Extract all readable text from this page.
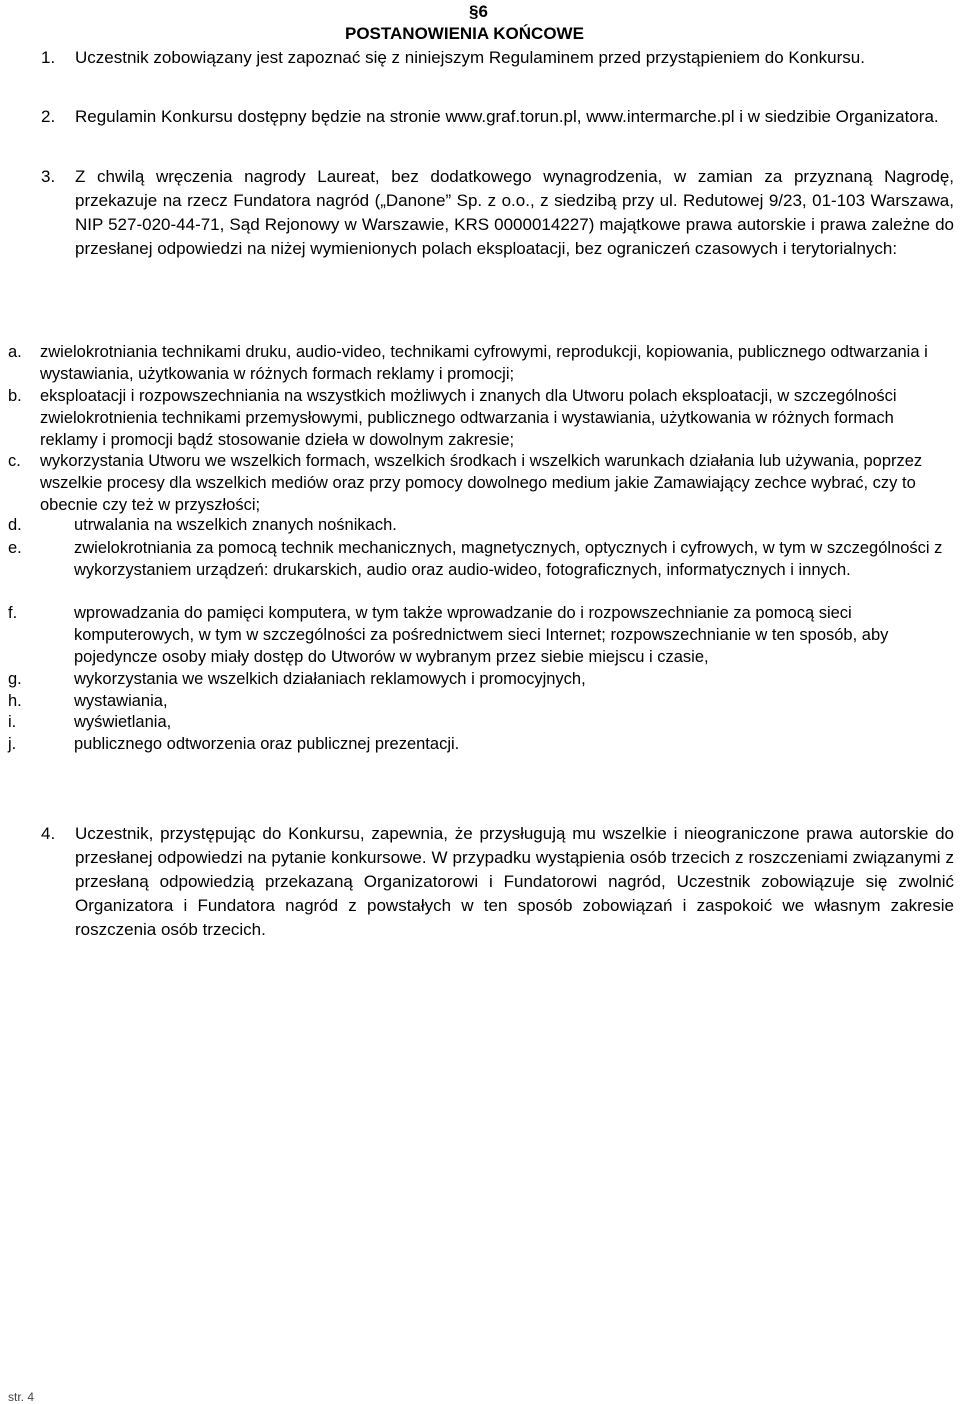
§6
POSTANOWIENIA KOŃCOWE
1. Uczestnik zobowiązany jest zapoznać się z niniejszym Regulaminem przed przystąpieniem do Konkursu.
2. Regulamin Konkursu dostępny będzie na stronie www.graf.torun.pl, www.intermarche.pl i w siedzibie Organizatora.
3. Z chwilą wręczenia nagrody Laureat, bez dodatkowego wynagrodzenia, w zamian za przyznaną Nagrodę, przekazuje na rzecz Fundatora nagród („Danone” Sp. z o.o., z siedzibą przy ul. Redutowej 9/23, 01-103 Warszawa, NIP 527-020-44-71, Sąd Rejonowy w Warszawie, KRS 0000014227) majątkowe prawa autorskie i prawa zależne do przesłanej odpowiedzi na niżej wymienionych polach eksploatacji, bez ograniczeń czasowych i terytorialnych:
a. zwielokrotniania technikami druku, audio-video, technikami cyfrowymi, reprodukcji, kopiowania, publicznego odtwarzania i wystawiania, użytkowania w różnych formach reklamy i promocji;
b. eksploatacji i rozpowszechniania na wszystkich możliwych i znanych dla Utworu polach eksploatacji, w szczególności zwielokrotnienia technikami przemysłowymi, publicznego odtwarzania i wystawiania, użytkowania w różnych formach reklamy i promocji bądź stosowanie dzieła w dowolnym zakresie;
c. wykorzystania Utworu we wszelkich formach, wszelkich środkach i wszelkich warunkach działania lub używania, poprzez wszelkie procesy dla wszelkich mediów oraz przy pomocy dowolnego medium jakie Zamawiający zechce wybrać, czy to obecnie czy też w przyszłości;
d.	utrwalania na wszelkich znanych nośnikach.
e.	zwielokrotniania za pomocą technik mechanicznych, magnetycznych, optycznych i cyfrowych, w tym w szczególności z wykorzystaniem urządzeń: drukarskich, audio oraz audio-wideo, fotograficznych, informatycznych i innych.
f.	wprowadzania do pamięci komputera, w tym także wprowadzanie do i rozpowszechnianie za pomocą sieci komputerowych, w tym w szczególności za pośrednictwem sieci Internet; rozpowszechnianie w ten sposób, aby pojedyncze osoby miały dostęp do Utworów w wybranym przez siebie miejscu i czasie,
g.	wykorzystania we wszelkich działaniach reklamowych i promocyjnych,
h.	wystawiania,
i.	wyświetlania,
j.	publicznego odtworzenia oraz publicznej prezentacji.
4. Uczestnik, przystępując do Konkursu, zapewnia, że przysługują mu wszelkie i nieograniczone prawa autorskie do przesłanej odpowiedzi na pytanie konkursowe. W przypadku wystąpienia osób trzecich z roszczeniami związanymi z przesłaną odpowiedzią przekazaną Organizatorowi i Fundatorowi nagród, Uczestnik zobowiązuje się zwolnić Organizatora i Fundatora nagród z powstałych w ten sposób zobowiązań i zaspokoić we własnym zakresie roszczenia osób trzecich.
str. 4
